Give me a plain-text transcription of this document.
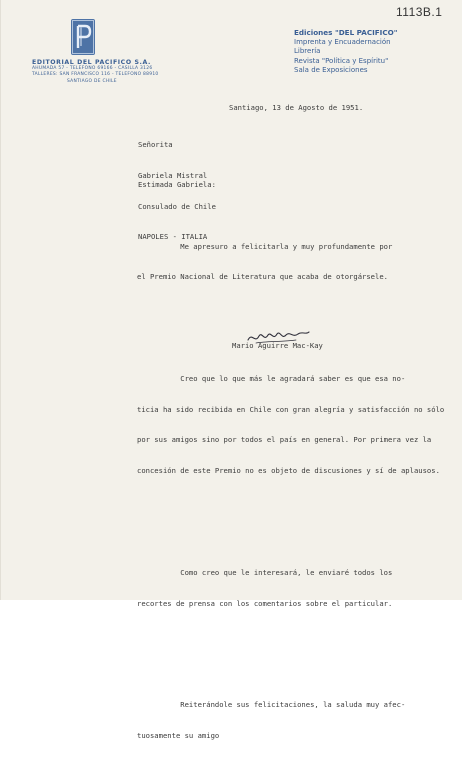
1113B.1
EDITORIAL DEL PACIFICO S.A.
AHUMADA 57 - TELEFONO 69166 - CASILLA 3126
TALLERES: SAN FRANCISCO 116 - TELEFONO 88910
SANTIAGO DE CHILE
Ediciones "DEL PACIFICO"
Imprenta y Encuadernación
Librería
Revista "Política y Espíritu"
Sala de Exposiciones
Santiago, 13 de Agosto de 1951.

Señorita

Gabriela Mistral

Consulado de Chile

NAPOLES - ITALIA

Estimada Gabriela:

Me apresuro a felicitarla y muy profundamente por

el Premio Nacional de Literatura que acaba de otorgársele.

Creo que lo que más le agradará saber es que esa no-

ticia ha sido recibida en Chile con gran alegría y satisfacción no sólo

por sus amigos sino por todos el país en general. Por primera vez la

concesión de este Premio no es objeto de discusiones y sí de aplausos.

Como creo que le interesará, le enviaré todos los

recortes de prensa con los comentarios sobre el particular.

Reiterándole sus felicitaciones, la saluda muy afec-

tuosamente su amigo

Mario Aguirre Mac-Kay
